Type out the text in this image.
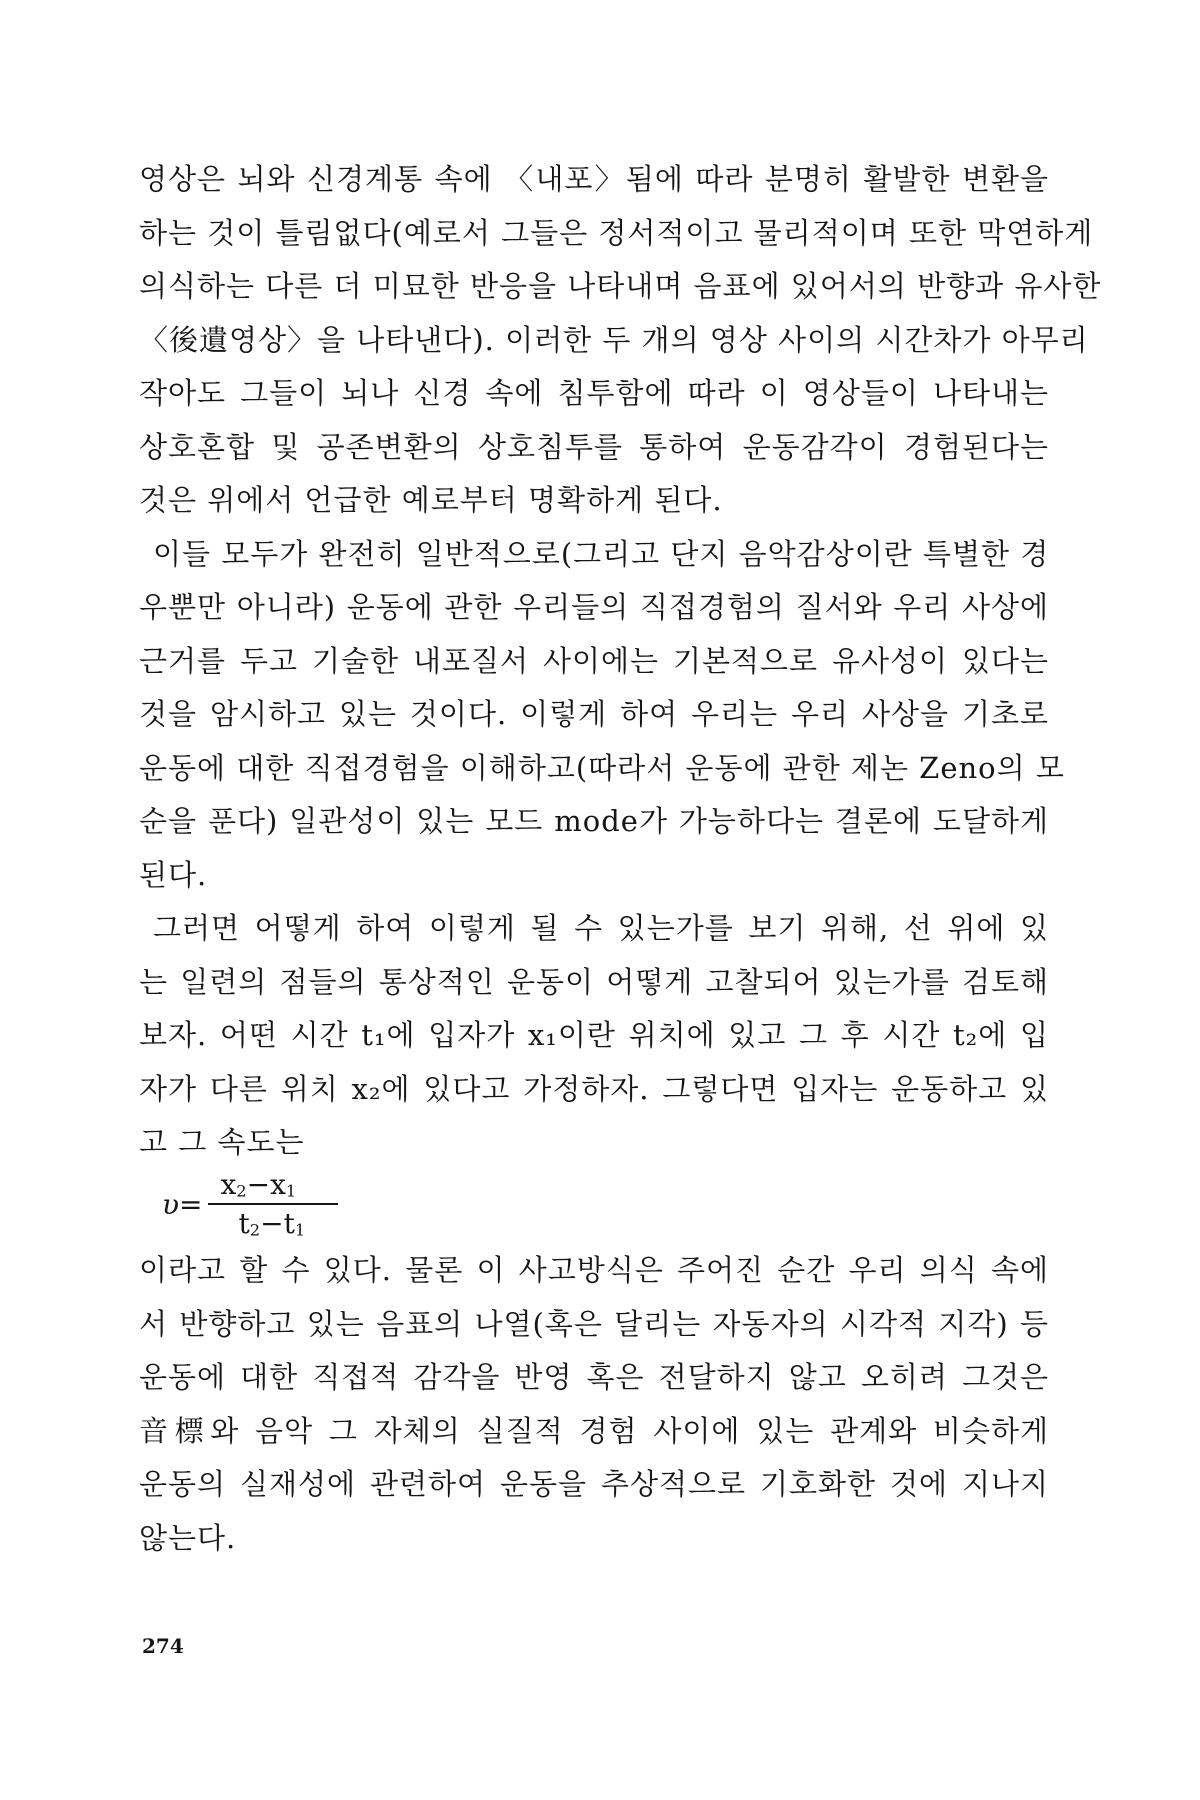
영상은 뇌와 신경계통 속에 〈내포〉됨에 따라 분명히 활발한 변환을
하는 것이 틀림없다(예로서 그들은 정서적이고 물리적이며 또한 막연하게
의식하는 다른 더 미묘한 반응을 나타내며 음표에 있어서의 반향과 유사한
〈後遺영상〉을 나타낸다). 이러한 두 개의 영상 사이의 시간차가 아무리
작아도 그들이 뇌나 신경 속에 침투함에 따라 이 영상들이 나타내는
상호혼합 및 공존변환의 상호침투를 통하여 운동감각이 경험된다는
것은 위에서 언급한 예로부터 명확하게 된다.
이들 모두가 완전히 일반적으로(그리고 단지 음악감상이란 특별한 경
우뿐만 아니라) 운동에 관한 우리들의 직접경험의 질서와 우리 사상에
근거를 두고 기술한 내포질서 사이에는 기본적으로 유사성이 있다는
것을 암시하고 있는 것이다. 이렇게 하여 우리는 우리 사상을 기초로
운동에 대한 직접경험을 이해하고(따라서 운동에 관한 제논 Zeno의 모
순을 푼다) 일관성이 있는 모드 mode가 가능하다는 결론에 도달하게
된다.
그러면 어떻게 하여 이렇게 될 수 있는가를 보기 위해, 선 위에 있
는 일련의 점들의 통상적인 운동이 어떻게 고찰되어 있는가를 검토해
보자. 어떤 시간 t₁에 입자가 x₁이란 위치에 있고 그 후 시간 t₂에 입
자가 다른 위치 x₂에 있다고 가정하자. 그렇다면 입자는 운동하고 있
고 그 속도는
$\upsilon= \frac{x2-x1}{t2-t1}$
이라고 할 수 있다. 물론 이 사고방식은 주어진 순간 우리 의식 속에
서 반향하고 있는 음표의 나열(혹은 달리는 자동자의 시각적 지각) 등
운동에 대한 직접적 감각을 반영 혹은 전달하지 않고 오히려 그것은
音標와 음악 그 자체의 실질적 경험 사이에 있는 관계와 비슷하게
운동의 실재성에 관련하여 운동을 추상적으로 기호화한 것에 지나지
않는다.
274
